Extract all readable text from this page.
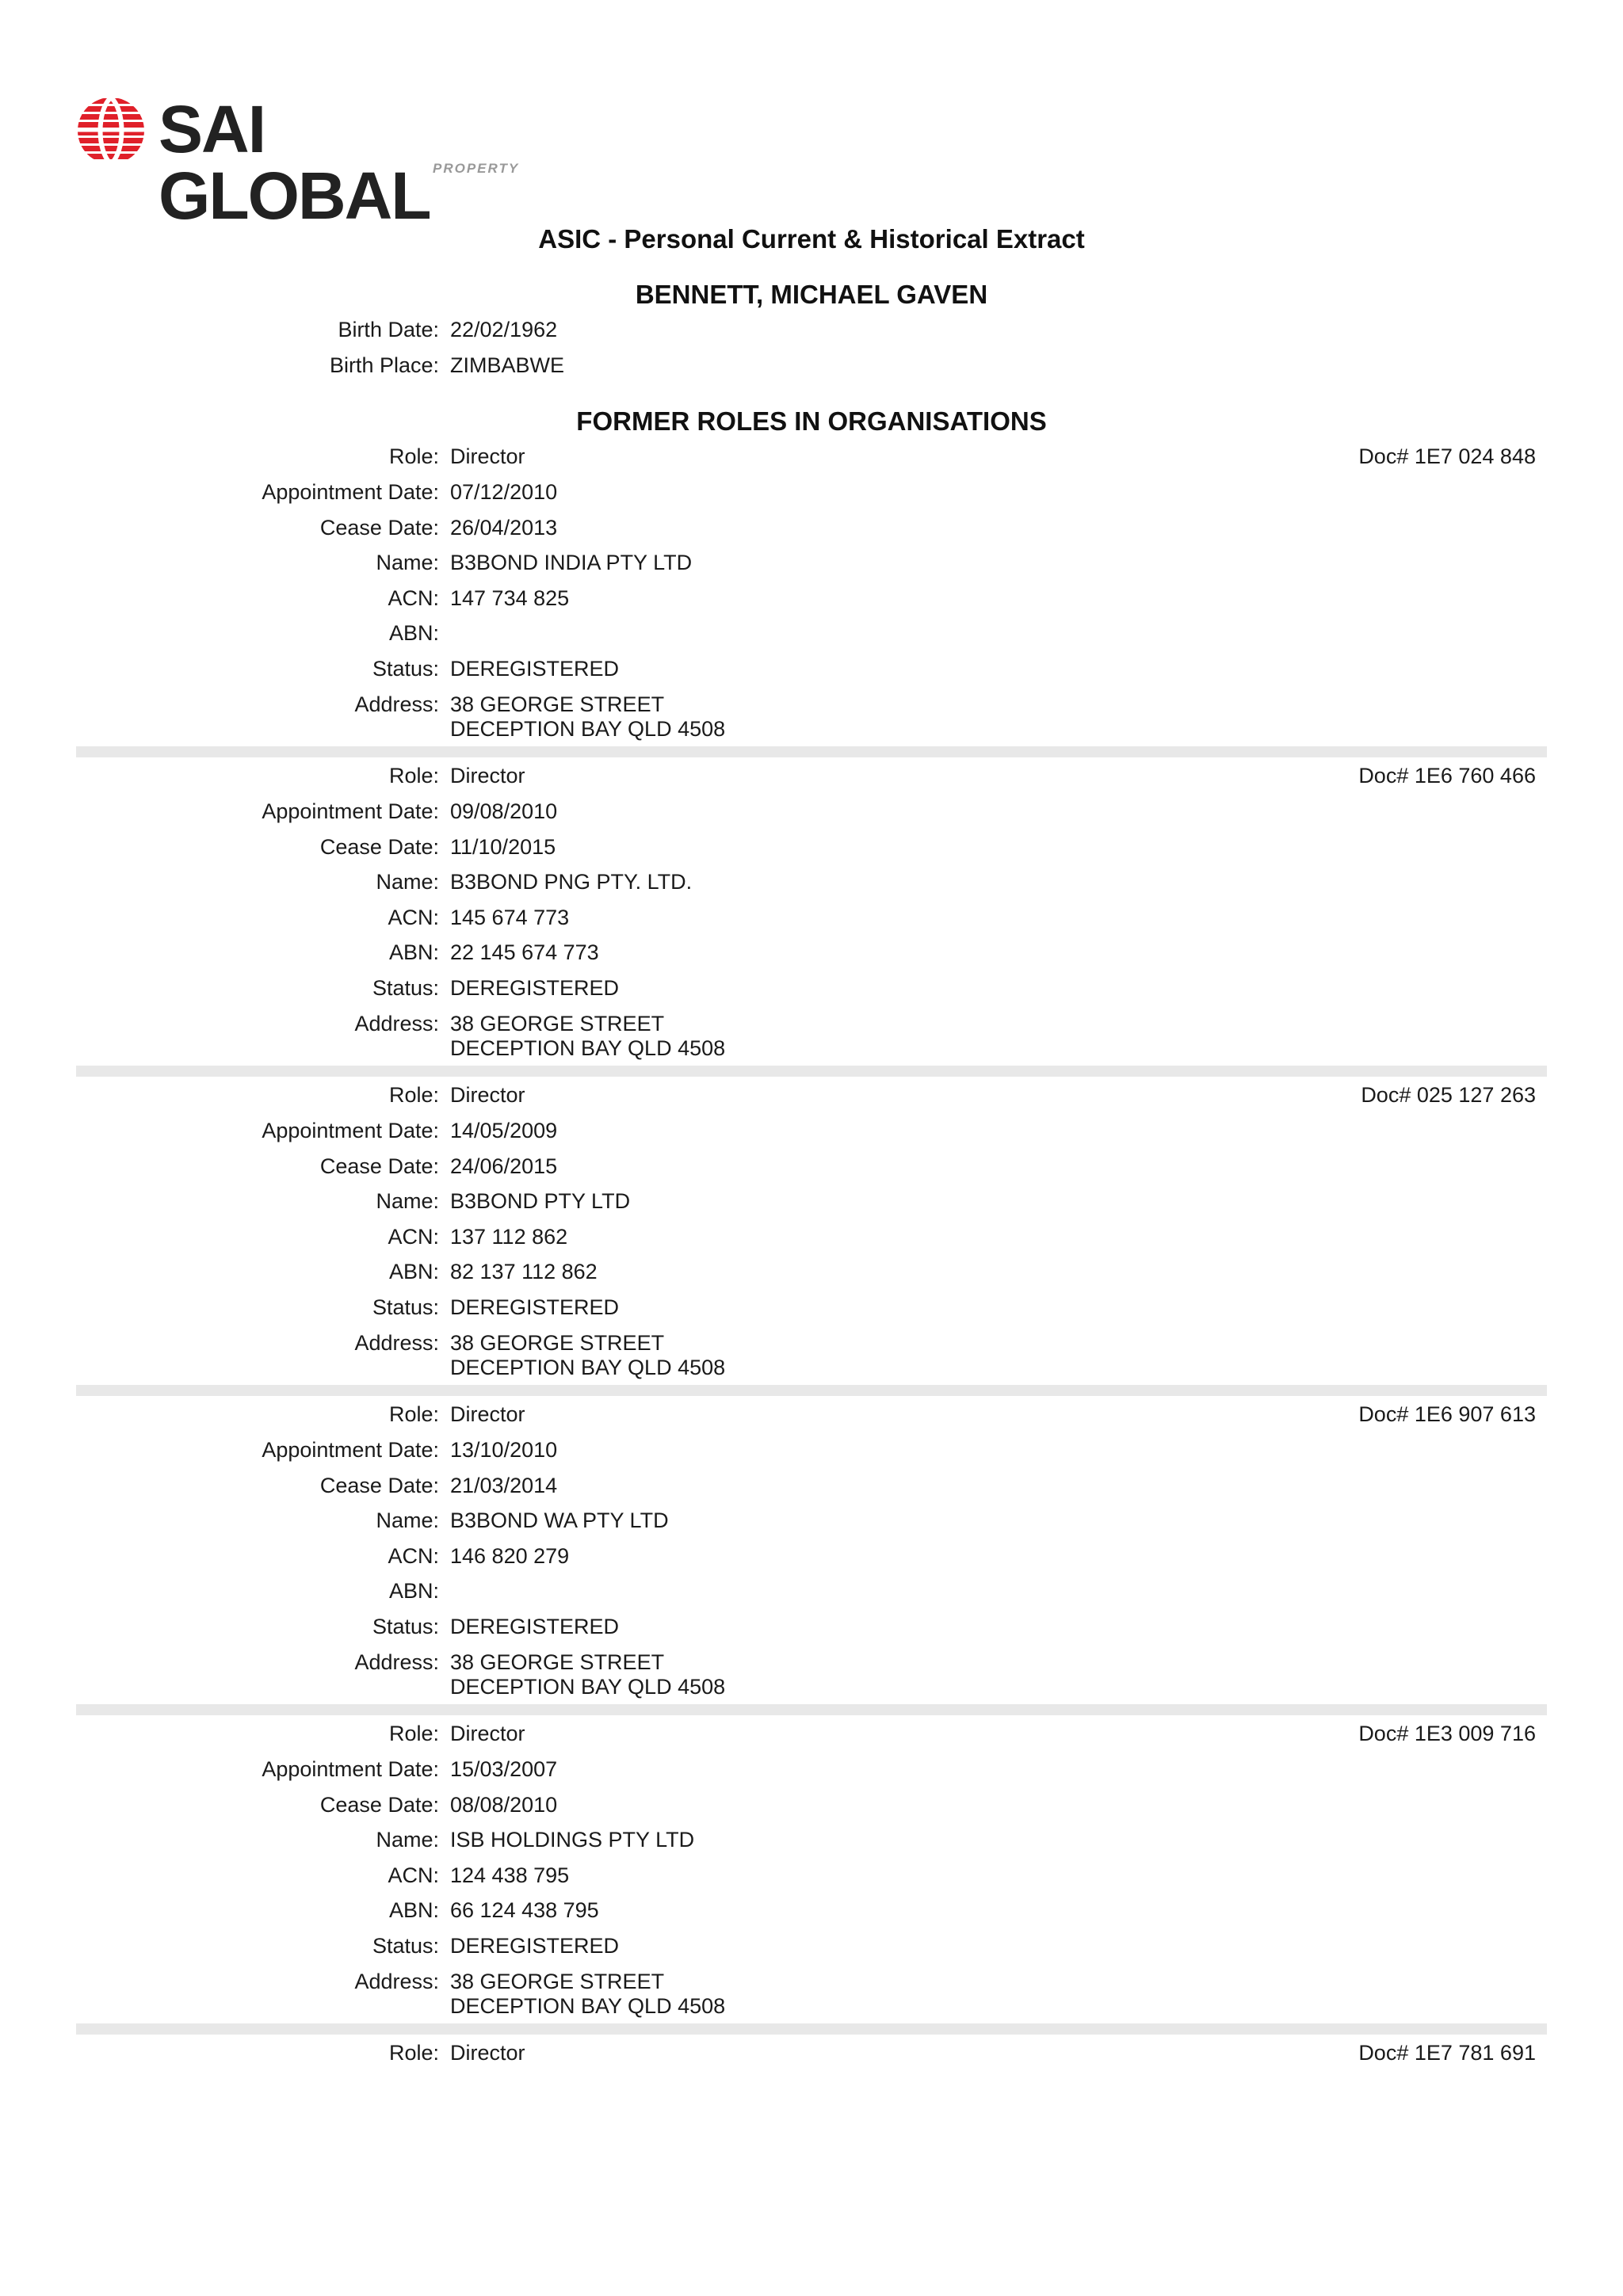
SAI GLOBAL PROPERTY
ASIC - Personal Current & Historical Extract
BENNETT, MICHAEL GAVEN
Birth Date: 22/02/1962
Birth Place: ZIMBABWE
FORMER ROLES IN ORGANISATIONS
Role: Director	Doc# 1E7 024 848
Appointment Date: 07/12/2010
Cease Date: 26/04/2013
Name: B3BOND INDIA PTY LTD
ACN: 147 734 825
ABN:
Status: DEREGISTERED
Address: 38 GEORGE STREET
DECEPTION BAY QLD 4508
Role: Director	Doc# 1E6 760 466
Appointment Date: 09/08/2010
Cease Date: 11/10/2015
Name: B3BOND PNG PTY. LTD.
ACN: 145 674 773
ABN: 22 145 674 773
Status: DEREGISTERED
Address: 38 GEORGE STREET
DECEPTION BAY QLD 4508
Role: Director	Doc# 025 127 263
Appointment Date: 14/05/2009
Cease Date: 24/06/2015
Name: B3BOND PTY LTD
ACN: 137 112 862
ABN: 82 137 112 862
Status: DEREGISTERED
Address: 38 GEORGE STREET
DECEPTION BAY QLD 4508
Role: Director	Doc# 1E6 907 613
Appointment Date: 13/10/2010
Cease Date: 21/03/2014
Name: B3BOND WA PTY LTD
ACN: 146 820 279
ABN:
Status: DEREGISTERED
Address: 38 GEORGE STREET
DECEPTION BAY QLD 4508
Role: Director	Doc# 1E3 009 716
Appointment Date: 15/03/2007
Cease Date: 08/08/2010
Name: ISB HOLDINGS PTY LTD
ACN: 124 438 795
ABN: 66 124 438 795
Status: DEREGISTERED
Address: 38 GEORGE STREET
DECEPTION BAY QLD 4508
Role: Director	Doc# 1E7 781 691
